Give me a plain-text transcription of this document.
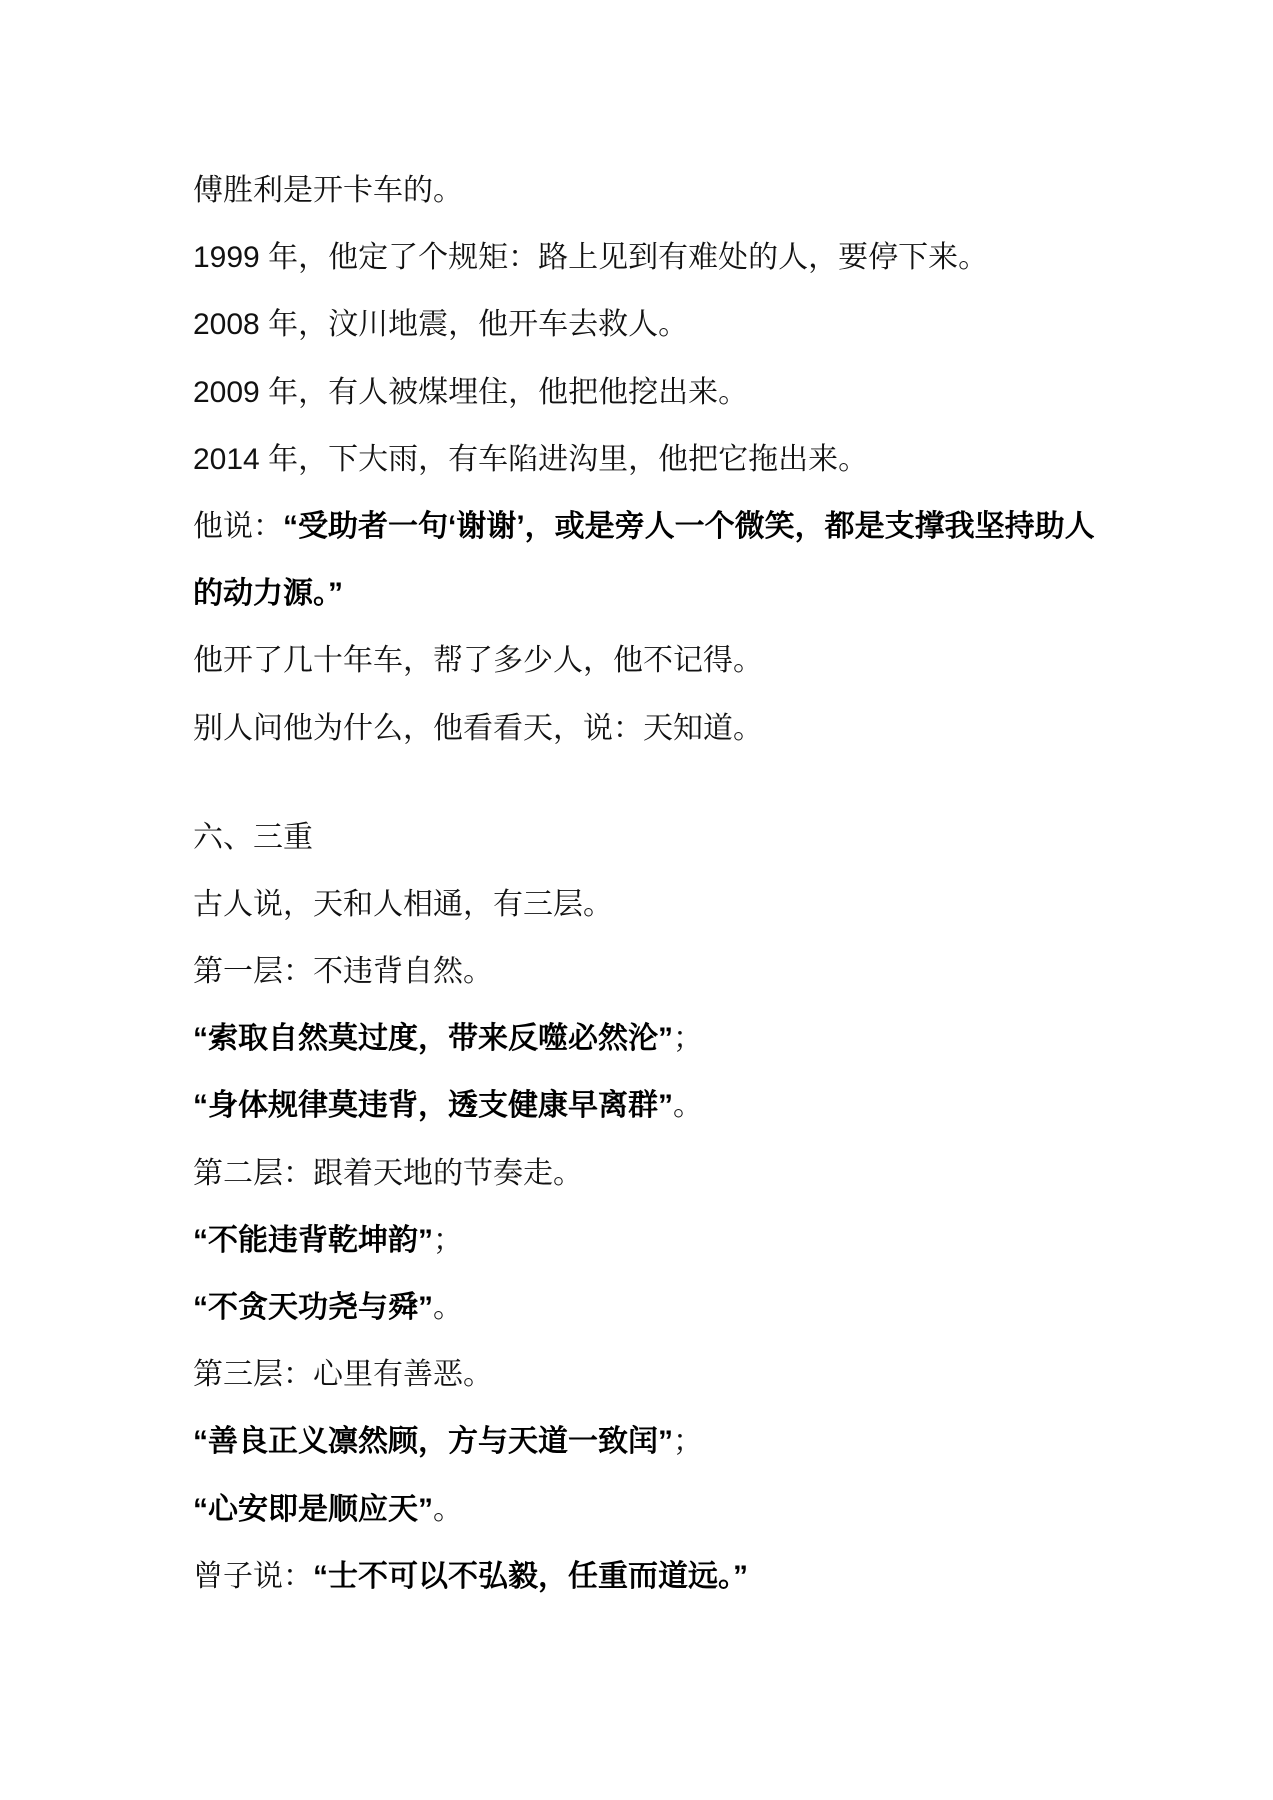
傅胜利是开卡车的。
1999 年，他定了个规矩：路上见到有难处的人，要停下来。
2008 年，汶川地震，他开车去救人。
2009 年，有人被煤埋住，他把他挖出来。
2014 年，下大雨，有车陷进沟里，他把它拖出来。
他说：“受助者一句‘谢谢’，或是旁人一个微笑，都是支撑我坚持助人
的动力源。”
他开了几十年车，帮了多少人，他不记得。
别人问他为什么，他看看天，说：天知道。
六、三重
古人说，天和人相通，有三层。
第一层：不违背自然。
“索取自然莫过度，带来反噬必然沦”；
“身体规律莫违背，透支健康早离群”。
第二层：跟着天地的节奏走。
“不能违背乾坤韵”；
“不贪天功尧与舜”。
第三层：心里有善恶。
“善良正义凛然顾，方与天道一致闰”；
“心安即是顺应天”。
曾子说：“士不可以不弘毅，任重而道远。”
